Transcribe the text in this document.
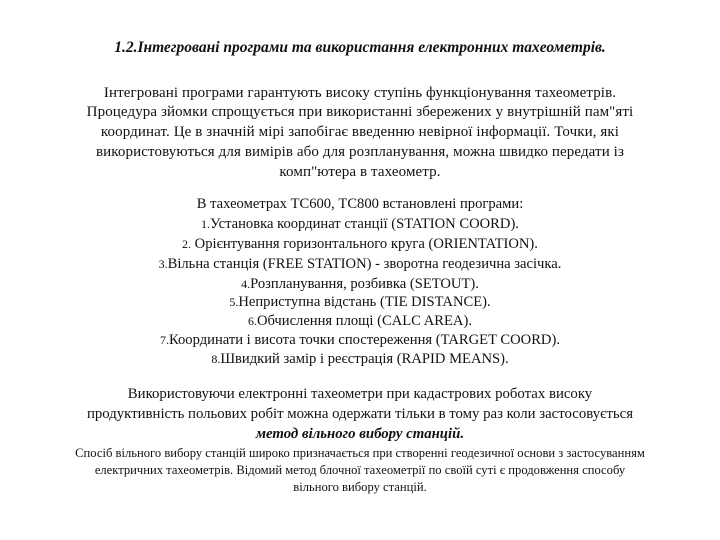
1.2.Інтегровані програми та використання електронних тахеометрів.
Інтегровані програми гарантують високу ступінь функціонування тахеометрів.
Процедура зйомки спрощується при використанні збережених у внутрішній пам"яті
координат. Це в значній мірі запобігає введенню невірної інформації. Точки, які
використовуються для вимірів або для розпланування, можна швидко передати із
комп"ютера в тахеометр.
В тахеометрах ТС600, ТС800 встановлені програми:
1.Установка координат станції (STATION COORD).
2. Орієнтування горизонтального круга (ORIENTATION).
3.Вільна станція (FREE STATION) - зворотна геодезична засічка.
4.Розпланування, розбивка (SETOUT).
5.Неприступна відстань (TIE DISTANCE).
6.Обчислення площі (CALC AREA).
7.Координати і висота точки спостереження (TARGET COORD).
8.Швидкий замір і реєстрація (RAPID MEANS).
Використовуючи електронні тахеометри при кадастрових роботах високу
продуктивність польових робіт можна одержати тільки в тому раз коли застосовується
метод вільного вибору станцій.
Спосіб вільного вибору станцій широко призначається при створенні геодезичної основи з застосуванням
електричних тахеометрів. Відомий метод блочної тахеометрії по своїй суті є продовження способу
вільного вибору станцій.
